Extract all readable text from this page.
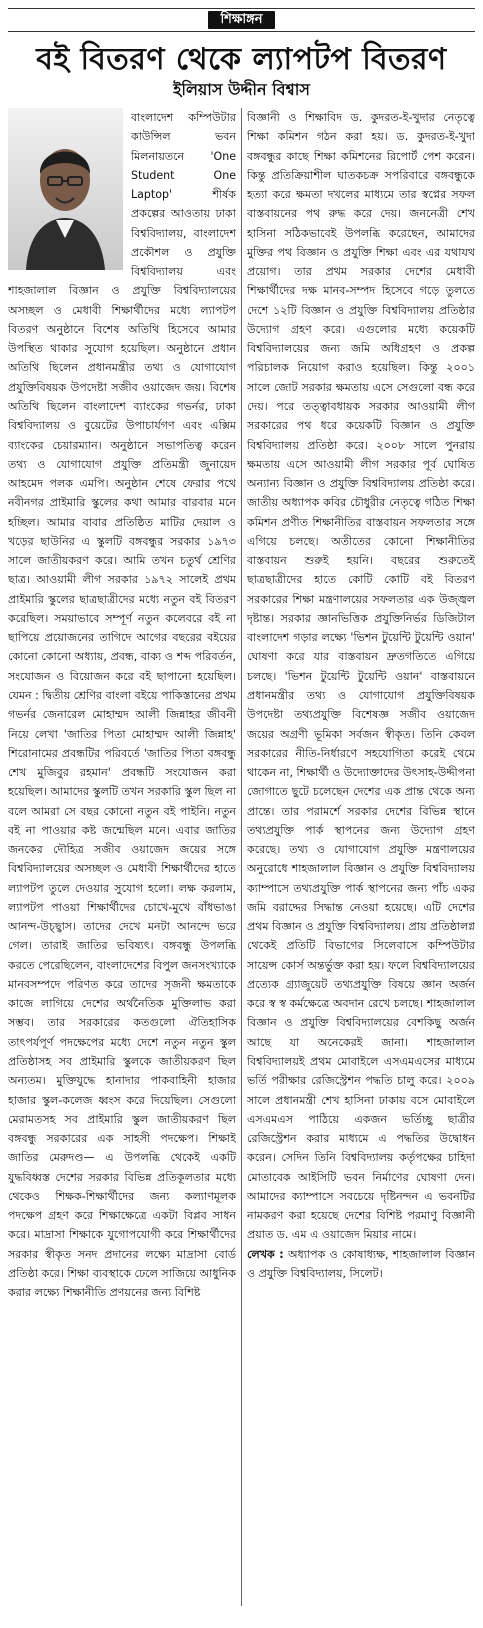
শিক্ষাঙ্গন
বই বিতরণ থেকে ল্যাপটপ বিতরণ
ইলিয়াস উদ্দীন বিশ্বাস

বাংলাদেশ কম্পিউটার কাউন্সিল ভবন মিলনায়তনে 'One Student One Laptop' শীর্ষক প্রকল্পের আওতায় ঢাকা বিশ্ববিদ্যালয়, বাংলাদেশ প্রকৌশল ও প্রযুক্তি বিশ্ববিদ্যালয় এবং শাহজালাল বিজ্ঞান ও প্রযুক্তি বিশ্ববিদ্যালয়ের অসচ্ছল ও মেধাবী শিক্ষার্থীদের মধ্যে ল্যাপটপ বিতরণ অনুষ্ঠানে বিশেষ অতিথি হিসেবে আমার উপস্থিত থাকার সুযোগ হয়েছিল। অনুষ্ঠানে প্রধান অতিথি ছিলেন প্রধানমন্ত্রীর তথ্য ও যোগাযোগ প্রযুক্তিবিষয়ক উপদেষ্টা সজীব ওয়াজেদ জয়। বিশেষ অতিথি ছিলেন বাংলাদেশ ব্যাংকের গভর্নর, ঢাকা বিশ্ববিদ্যালয় ও বুয়েটের উপাচার্যগণ এবং এক্সিম ব্যাংকের চেয়ারম্যান। অনুষ্ঠানে সভাপতিত্ব করেন তথ্য ও যোগাযোগ প্রযুক্তি প্রতিমন্ত্রী জুনায়েদ আহমেদ পলক এমপি। অনুষ্ঠান শেষে ফেরার পথে নবীনগর প্রাইমারি স্কুলের কথা আমার বারবার মনে হচ্ছিল। আমার বাবার প্রতিষ্ঠিত মাটির দেয়াল ও খড়ের ছাউনির এ স্কুলটি বঙ্গবন্ধুর সরকার ১৯৭৩ সালে জাতীয়করণ করে। আমি তখন চতুর্থ শ্রেণির ছাত্র। আওয়ামী লীগ সরকার ১৯৭২ সালেই প্রথম প্রাইমারি স্কুলের ছাত্রছাত্রীদের মধ্যে নতুন বই বিতরণ করেছিল। সময়াভাবে সম্পূর্ণ নতুন কলেবরে বই না ছাপিয়ে প্রয়োজনের তাগিদে আগের বছরের বইয়ের কোনো কোনো অধ্যায়, প্রবন্ধ, বাক্য ও শব্দ পরিবর্তন, সংযোজন ও বিয়োজন করে বই ছাপানো হয়েছিল। যেমন : দ্বিতীয় শ্রেণির বাংলা বইয়ে পাকিস্তানের প্রথম গভর্নর জেনারেল মোহাম্মদ আলী জিন্নাহর জীবনী নিয়ে লেখা 'জাতির পিতা মোহাম্মদ আলী জিন্নাহ' শিরোনামের প্রবন্ধটির পরিবর্তে 'জাতির পিতা বঙ্গবন্ধু শেখ মুজিবুর রহমান' প্রবন্ধটি সংযোজন করা হয়েছিল। আমাদের স্কুলটি তখন সরকারি স্কুল ছিল না বলে আমরা সে বছর কোনো নতুন বই পাইনি। নতুন বই না পাওয়ার কষ্ট জন্মেছিল মনে। এবার জাতির জনকের দৌহিত্র সজীব ওয়াজেদ জয়ের সঙ্গে বিশ্ববিদ্যালয়ের অসচ্ছল ও মেধাবী শিক্ষার্থীদের হাতে ল্যাপটপ তুলে দেওয়ার সুযোগ হলো। লক্ষ করলাম, ল্যাপটপ পাওয়া শিক্ষার্থীদের চোখে-মুখে বাঁধভাঙা আনন্দ-উচ্ছ্বাস। তাদের দেখে মনটা আনন্দে ভরে গেল। তারাই জাতির ভবিষ্যৎ। বঙ্গবন্ধু উপলব্ধি করতে পেরেছিলেন, বাংলাদেশের বিপুল জনসংখ্যাকে মানবসম্পদে পরিণত করে তাদের সৃজনী ক্ষমতাকে কাজে লাগিয়ে দেশের অর্থনৈতিক মুক্তিলাভ করা সম্ভব। তার সরকারের কতগুলো ঐতিহাসিক তাৎপর্যপূর্ণ পদক্ষেপের মধ্যে দেশে নতুন নতুন স্কুল প্রতিষ্ঠাসহ সব প্রাইমারি স্কুলকে জাতীয়করণ ছিল অন্যতম। মুক্তিযুদ্ধে হানাদার পাকবাহিনী হাজার হাজার স্কুল-কলেজ ধ্বংস করে দিয়েছিল। সেগুলো মেরামতসহ সব প্রাইমারি স্কুল জাতীয়করণ ছিল বঙ্গবন্ধু সরকারের এক সাহসী পদক্ষেপ। শিক্ষাই জাতির মেরুদণ্ড— এ উপলব্ধি থেকেই একটি যুদ্ধবিধ্বস্ত দেশের সরকার বিভিন্ন প্রতিকূলতার মধ্যে থেকেও শিক্ষক-শিক্ষার্থীদের জন্য কল্যাণমূলক পদক্ষেপ গ্রহণ করে শিক্ষাক্ষেত্রে একটা বিপ্লব সাধন করে। মাদ্রাসা শিক্ষাকে যুগোপযোগী করে শিক্ষার্থীদের সরকার স্বীকৃত সনদ প্রদানের লক্ষ্যে মাদ্রাসা বোর্ড প্রতিষ্ঠা করে। শিক্ষা ব্যবস্থাকে ঢেলে সাজিয়ে আধুনিক করার লক্ষ্যে শিক্ষানীতি প্রণয়নের জন্য বিশিষ্ট

বিজ্ঞানী ও শিক্ষাবিদ ড. কুদরত-ই-খুদার নেতৃত্বে শিক্ষা কমিশন গঠন করা হয়। ড. কুদরত-ই-খুদা বঙ্গবন্ধুর কাছে শিক্ষা কমিশনের রিপোর্ট পেশ করেন। কিন্তু প্রতিক্রিয়াশীল ঘাতকচক্র সপরিবারে বঙ্গবন্ধুকে হত্যা করে ক্ষমতা দখলের মাধ্যমে তার স্বপ্নের সফল বাস্তবায়নের পথ রুদ্ধ করে দেয়। জননেত্রী শেখ হাসিনা সঠিকভাবেই উপলব্ধি করেছেন, আমাদের মুক্তির পথ বিজ্ঞান ও প্রযুক্তি শিক্ষা এবং এর যথাযথ প্রয়োগ। তার প্রথম সরকার দেশের মেধাবী শিক্ষার্থীদের দক্ষ মানব-সম্পদ হিসেবে গড়ে তুলতে দেশে ১২টি বিজ্ঞান ও প্রযুক্তি বিশ্ববিদ্যালয় প্রতিষ্ঠার উদ্যোগ গ্রহণ করে। এগুলোর মধ্যে কয়েকটি বিশ্ববিদ্যালয়ের জন্য জমি অধিগ্রহণ ও প্রকল্প পরিচালক নিয়োগ করাও হয়েছিল। কিন্তু ২০০১ সালে জোট সরকার ক্ষমতায় এসে সেগুলো বন্ধ করে দেয়। পরে তত্ত্বাবধায়ক সরকার আওয়ামী লীগ সরকারের পথ ধরে কয়েকটি বিজ্ঞান ও প্রযুক্তি বিশ্ববিদ্যালয় প্রতিষ্ঠা করে। ২০০৮ সালে পুনরায় ক্ষমতায় এসে আওয়ামী লীগ সরকার পূর্ব ঘোষিত অন্যান্য বিজ্ঞান ও প্রযুক্তি বিশ্ববিদ্যালয় প্রতিষ্ঠা করে। জাতীয় অধ্যাপক কবির চৌধুরীর নেতৃত্বে গঠিত শিক্ষা কমিশন প্রণীত শিক্ষানীতির বাস্তবায়ন সফলতার সঙ্গে এগিয়ে চলছে। অতীতের কোনো শিক্ষানীতির বাস্তবায়ন শুরুই হয়নি। বছরের শুরুতেই ছাত্রছাত্রীদের হাতে কোটি কোটি বই বিতরণ সরকারের শিক্ষা মন্ত্রণালয়ের সফলতার এক উজ্জ্বল দৃষ্টান্ত। সরকার জ্ঞানভিত্তিক প্রযুক্তিনির্ভর ডিজিটাল বাংলাদেশ গড়ার লক্ষ্যে 'ভিশন টুয়েন্টি টুয়েন্টি ওয়ান' ঘোষণা করে যার বাস্তবায়ন দ্রুতগতিতে এগিয়ে চলছে। 'ভিশন টুয়েন্টি টুয়েন্টি ওয়ান' বাস্তবায়নে প্রধানমন্ত্রীর তথ্য ও যোগাযোগ প্রযুক্তিবিষয়ক উপদেষ্টা তথ্যপ্রযুক্তি বিশেষজ্ঞ সজীব ওয়াজেদ জয়ের অগ্রণী ভূমিকা সর্বজন স্বীকৃত। তিনি কেবল সরকারের নীতি-নির্ধারণে সহযোগিতা করেই থেমে থাকেন না, শিক্ষার্থী ও উদ্যোক্তাদের উৎসাহ-উদ্দীপনা জোগাতে ছুটে চলেছেন দেশের এক প্রান্ত থেকে অন্য প্রান্তে। তার পরামর্শে সরকার দেশের বিভিন্ন স্থানে তথ্যপ্রযুক্তি পার্ক স্থাপনের জন্য উদ্যোগ গ্রহণ করেছে। তথ্য ও যোগাযোগ প্রযুক্তি মন্ত্রণালয়ের অনুরোধে শাহজালাল বিজ্ঞান ও প্রযুক্তি বিশ্ববিদ্যালয় ক্যাম্পাসে তথ্যপ্রযুক্তি পার্ক স্থাপনের জন্য পাঁচ একর জমি বরাদ্দের সিদ্ধান্ত নেওয়া হয়েছে। এটি দেশের প্রথম বিজ্ঞান ও প্রযুক্তি বিশ্ববিদ্যালয়। প্রায় প্রতিষ্ঠালগ্ন থেকেই প্রতিটি বিভাগের সিলেবাসে কম্পিউটার সায়েন্স কোর্স অন্তর্ভুক্ত করা হয়। ফলে বিশ্ববিদ্যালয়ের প্রত্যেক গ্র্যাজুয়েট তথ্যপ্রযুক্তি বিষয়ে জ্ঞান অর্জন করে স্ব স্ব কর্মক্ষেত্রে অবদান রেখে চলছে। শাহজালাল বিজ্ঞান ও প্রযুক্তি বিশ্ববিদ্যালয়ের বেশকিছু অর্জন আছে যা অনেকেরই জানা। শাহজালাল বিশ্ববিদ্যালয়ই প্রথম মোবাইলে এসএমএসের মাধ্যমে ভর্তি পরীক্ষার রেজিস্ট্রেশন পদ্ধতি চালু করে। ২০০৯ সালে প্রধানমন্ত্রী শেখ হাসিনা ঢাকায় বসে মোবাইলে এসএমএস পাঠিয়ে একজন ভর্তিচ্ছু ছাত্রীর রেজিস্ট্রেশন করার মাধ্যমে এ পদ্ধতির উদ্বোধন করেন। সেদিন তিনি বিশ্ববিদ্যালয় কর্তৃপক্ষের চাহিদা মোতাবেক আইসিটি ভবন নির্মাণের ঘোষণা দেন। আমাদের ক্যাম্পাসে সবচেয়ে দৃষ্টিনন্দন এ ভবনটির নামকরণ করা হয়েছে দেশের বিশিষ্ট পরমাণু বিজ্ঞানী প্রয়াত ড. এম এ ওয়াজেদ মিয়ার নামে।

লেখক : অধ্যাপক ও কোষাধ্যক্ষ, শাহজালাল বিজ্ঞান ও প্রযুক্তি বিশ্ববিদ্যালয়, সিলেট।
